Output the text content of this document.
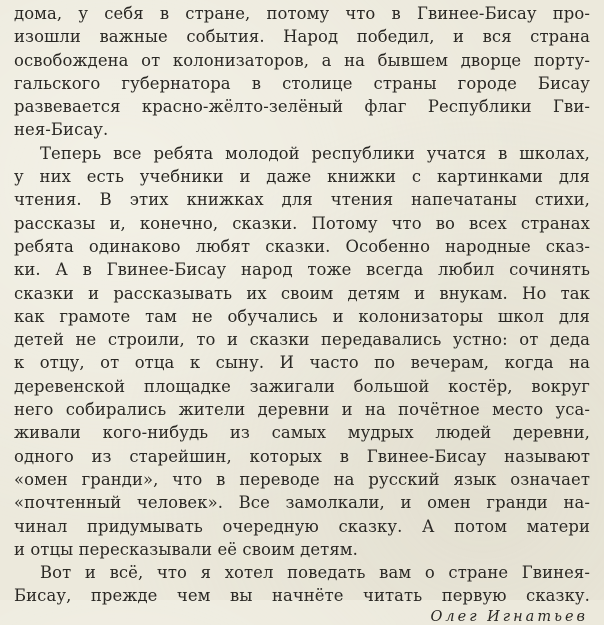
дома, у себя в стране, потому что в Гвинее-Бисау про-
изошли важные события. Народ победил, и вся страна
освобождена от колонизаторов, а на бывшем дворце порту-
гальского губернатора в столице страны городе Бисау
развевается красно-жёлто-зелёный флаг Республики Гви-
нея-Бисау.

Теперь все ребята молодой республики учатся в школах,
у них есть учебники и даже книжки с картинками для
чтения. В этих книжках для чтения напечатаны стихи,
рассказы и, конечно, сказки. Потому что во всех странах
ребята одинаково любят сказки. Особенно народные сказ-
ки. А в Гвинее-Бисау народ тоже всегда любил сочинять
сказки и рассказывать их своим детям и внукам. Но так
как грамоте там не обучались и колонизаторы школ для
детей не строили, то и сказки передавались устно: от деда
к отцу, от отца к сыну. И часто по вечерам, когда на
деревенской площадке зажигали большой костёр, вокруг
него собирались жители деревни и на почётное место уса-
живали кого-нибудь из самых мудрых людей деревни,
одного из старейшин, которых в Гвинее-Бисау называют
«омен гранди», что в переводе на русский язык означает
«почтенный человек». Все замолкали, и омен гранди на-
чинал придумывать очередную сказку. А потом матери
и отцы пересказывали её своим детям.

Вот и всё, что я хотел поведать вам о стране Гвинея-
Бисау, прежде чем вы начнёте читать первую сказку.

Олег Игнатьев
